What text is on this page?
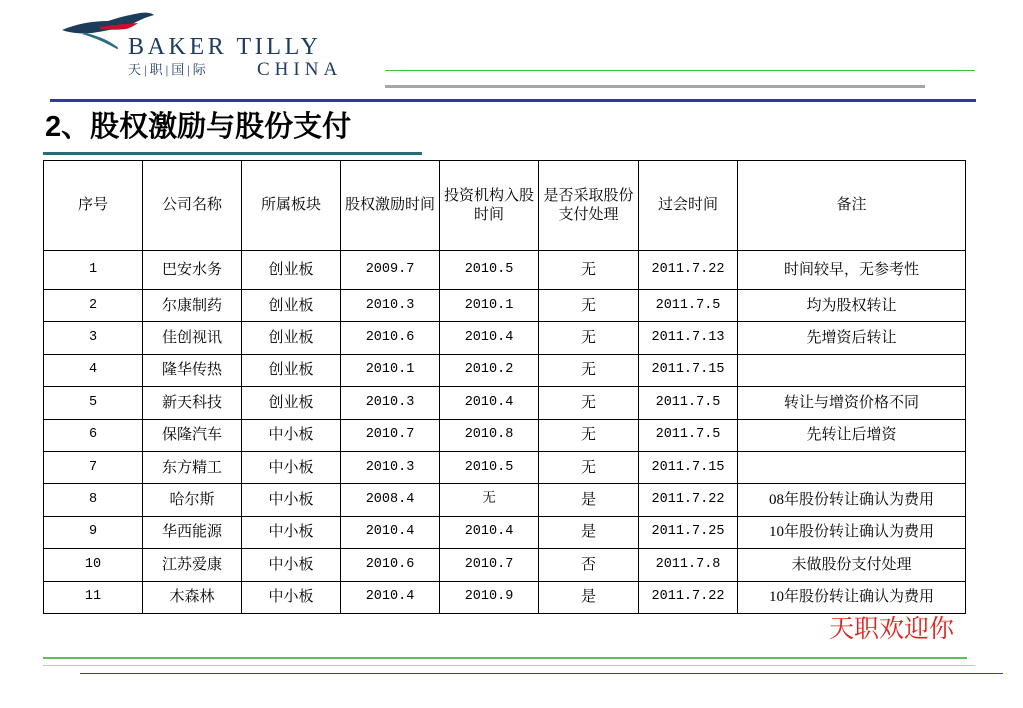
BAKER TILLY
天|职|国|际	CHINA
2、股权激励与股份支付
序号	公司名称	所属板块	股权激励时间	投资机构入股时间	是否采取股份支付处理	过会时间	备注
1	巴安水务	创业板	2009.7	2010.5	无	2011.7.22	时间较早，无参考性
2	尔康制药	创业板	2010.3	2010.1	无	2011.7.5	均为股权转让
3	佳创视讯	创业板	2010.6	2010.4	无	2011.7.13	先增资后转让
4	隆华传热	创业板	2010.1	2010.2	无	2011.7.15	
5	新天科技	创业板	2010.3	2010.4	无	2011.7.5	转让与增资价格不同
6	保隆汽车	中小板	2010.7	2010.8	无	2011.7.5	先转让后增资
7	东方精工	中小板	2010.3	2010.5	无	2011.7.15	
8	哈尔斯	中小板	2008.4	无	是	2011.7.22	08年股份转让确认为费用
9	华西能源	中小板	2010.4	2010.4	是	2011.7.25	10年股份转让确认为费用
10	江苏爱康	中小板	2010.6	2010.7	否	2011.7.8	未做股份支付处理
11	木森林	中小板	2010.4	2010.9	是	2011.7.22	10年股份转让确认为费用
天职欢迎你
